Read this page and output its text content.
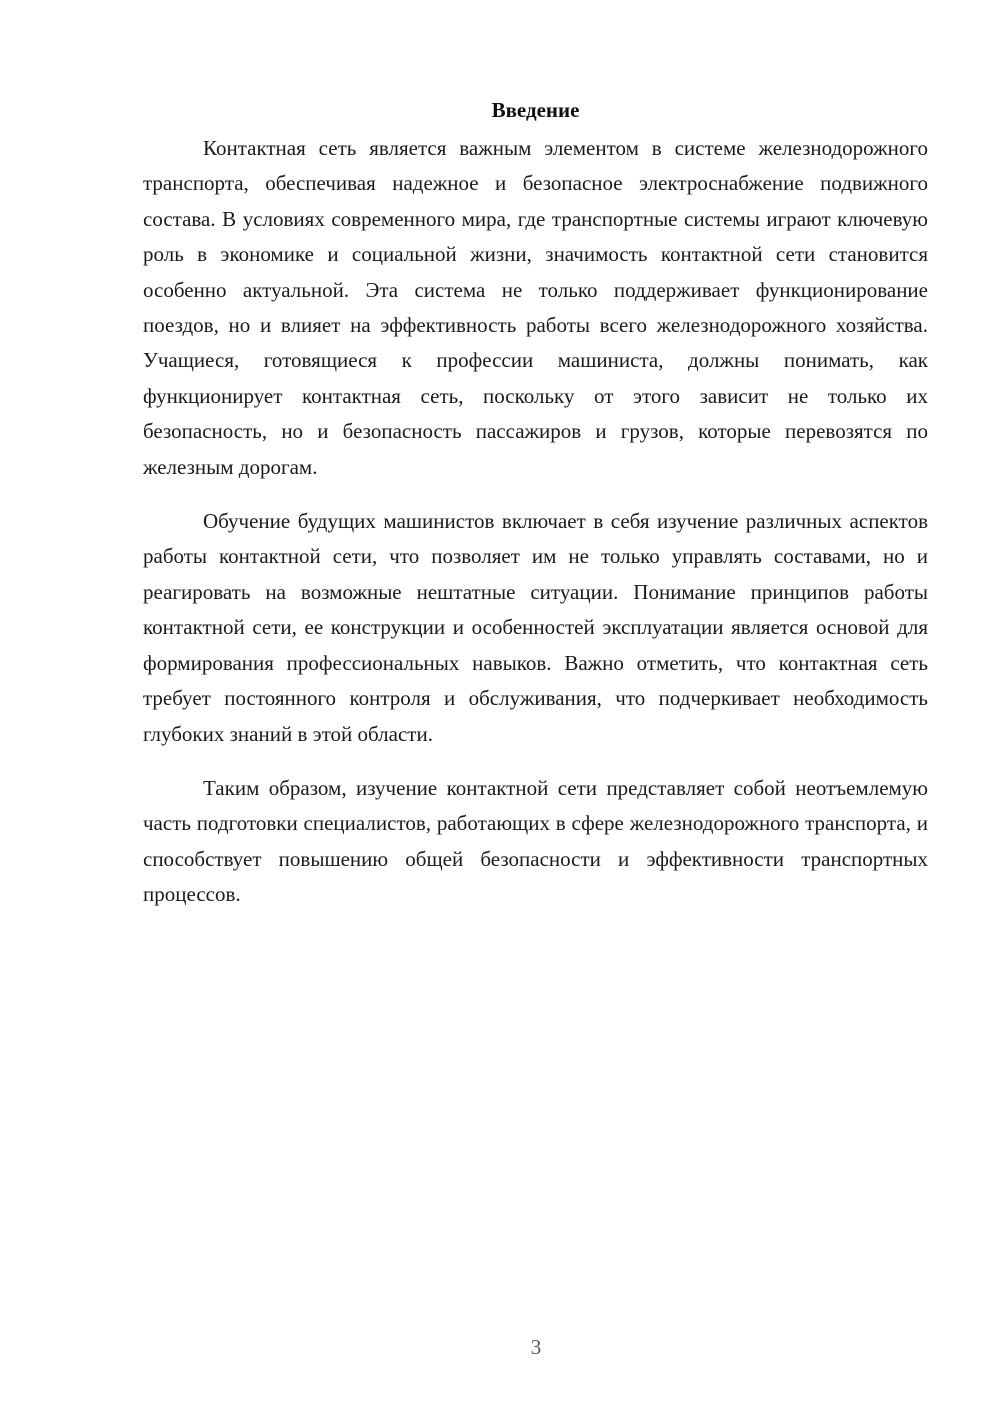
Введение

Контактная сеть является важным элементом в системе железнодорожного транспорта, обеспечивая надежное и безопасное электроснабжение подвижного состава. В условиях современного мира, где транспортные системы играют ключевую роль в экономике и социальной жизни, значимость контактной сети становится особенно актуальной. Эта система не только поддерживает функционирование поездов, но и влияет на эффективность работы всего железнодорожного хозяйства. Учащиеся, готовящиеся к профессии машиниста, должны понимать, как функционирует контактная сеть, поскольку от этого зависит не только их безопасность, но и безопасность пассажиров и грузов, которые перевозятся по железным дорогам.

Обучение будущих машинистов включает в себя изучение различных аспектов работы контактной сети, что позволяет им не только управлять составами, но и реагировать на возможные нештатные ситуации. Понимание принципов работы контактной сети, ее конструкции и особенностей эксплуатации является основой для формирования профессиональных навыков. Важно отметить, что контактная сеть требует постоянного контроля и обслуживания, что подчеркивает необходимость глубоких знаний в этой области.

Таким образом, изучение контактной сети представляет собой неотъемлемую часть подготовки специалистов, работающих в сфере железнодорожного транспорта, и способствует повышению общей безопасности и эффективности транспортных процессов.

3
